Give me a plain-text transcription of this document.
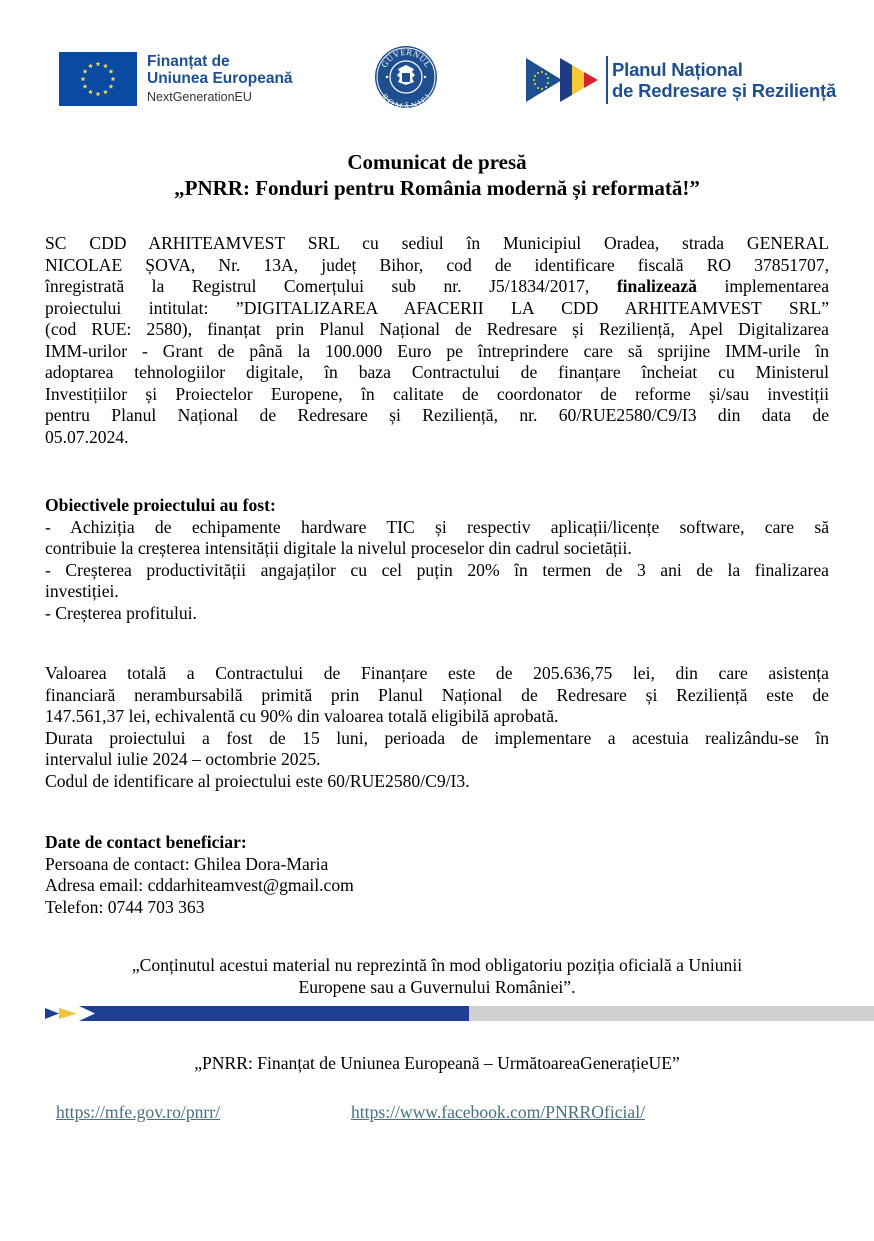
Finanțat de
Uniunea Europeană
NextGenerationEU
GUVERNUL
ROMÂNIEI
Planul Național
de Redresare și Reziliență
Comunicat de presă
„PNRR: Fonduri pentru România modernă și reformată!”
SC CDD ARHITEAMVEST SRL cu sediul în Municipiul Oradea, strada GENERAL
NICOLAE ȘOVA, Nr. 13A, județ Bihor, cod de identificare fiscală RO 37851707,
înregistrată la Registrul Comerțului sub nr. J5/1834/2017, finalizează implementarea
proiectului intitulat: ”DIGITALIZAREA AFACERII LA CDD ARHITEAMVEST SRL”
(cod RUE: 2580), finanțat prin Planul Național de Redresare și Reziliență, Apel Digitalizarea
IMM-urilor - Grant de până la 100.000 Euro pe întreprindere care să sprijine IMM-urile în
adoptarea tehnologiilor digitale, în baza Contractului de finanțare încheiat cu Ministerul
Investițiilor și Proiectelor Europene, în calitate de coordonator de reforme și/sau investiții
pentru Planul Național de Redresare și Reziliență, nr. 60/RUE2580/C9/I3 din data de
05.07.2024.
Obiectivele proiectului au fost:
- Achiziția de echipamente hardware TIC și respectiv aplicații/licențe software, care să
contribuie la creșterea intensității digitale la nivelul proceselor din cadrul societății.
- Creșterea productivității angajaților cu cel puțin 20% în termen de 3 ani de la finalizarea
investiției.
- Creșterea profitului.
Valoarea totală a Contractului de Finanțare este de 205.636,75 lei, din care asistența
financiară nerambursabilă primită prin Planul Național de Redresare și Reziliență este de
147.561,37 lei, echivalentă cu 90% din valoarea totală eligibilă aprobată.
Durata proiectului a fost de 15 luni, perioada de implementare a acestuia realizându-se în
intervalul iulie 2024 – octombrie 2025.
Codul de identificare al proiectului este 60/RUE2580/C9/I3.
Date de contact beneficiar:
Persoana de contact: Ghilea Dora-Maria
Adresa email: cddarhiteamvest@gmail.com
Telefon: 0744 703 363
„Conținutul acestui material nu reprezintă în mod obligatoriu poziția oficială a Uniunii
Europene sau a Guvernului României”.
„PNRR: Finanțat de Uniunea Europeană – UrmătoareaGenerațieUE”
https://mfe.gov.ro/pnrr/	https://www.facebook.com/PNRROficial/
